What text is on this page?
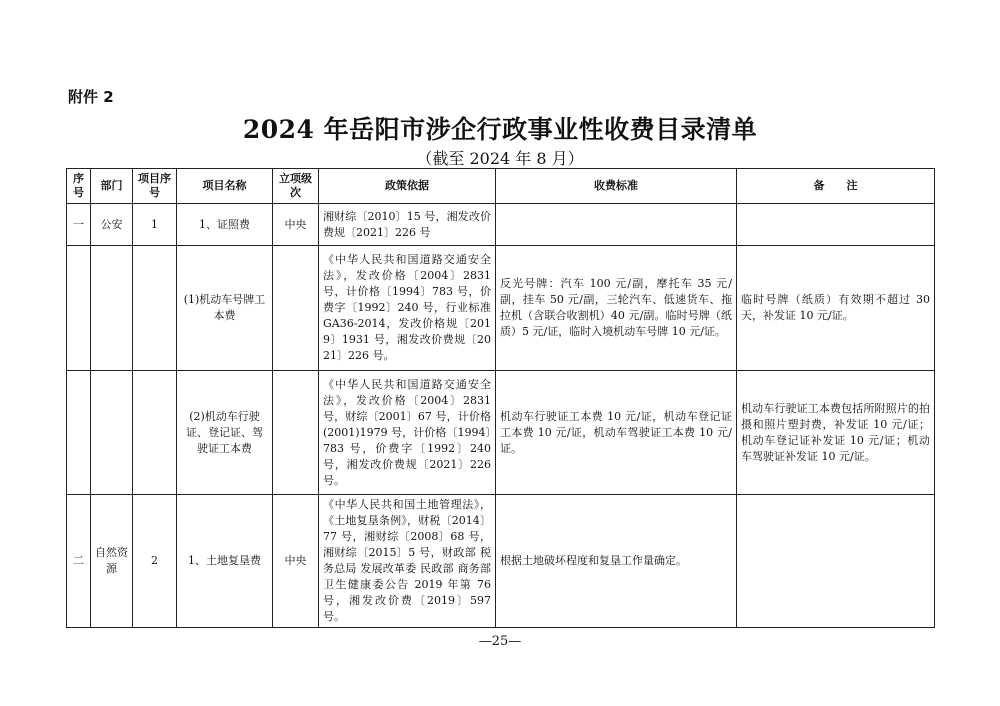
附件 2
2024 年岳阳市涉企行政事业性收费目录清单
（截至 2024 年 8 月）
序号	部门	项目序号	项目名称	立项级次	政策依据	收费标准	备　　注
一	公安	1	1、证照费	中央	湘财综〔2010〕15 号，湘发改价费规〔2021〕226 号		
			(1)机动车号牌工本费		《中华人民共和国道路交通安全法》，发改价格〔2004〕2831 号，计价格〔1994〕783 号，价费字〔1992〕240 号，行业标准 GA36-2014，发改价格规〔2019〕1931 号，湘发改价费规〔2021〕226 号。	反光号牌：汽车 100 元/副，摩托车 35 元/副，挂车 50 元/副，三轮汽车、低速货车、拖拉机（含联合收割机）40 元/副。临时号牌（纸质）5 元/证，临时入境机动车号牌 10 元/证。	临时号牌（纸质）有效期不超过 30 天，补发证 10 元/证。
			(2)机动车行驶证、登记证、驾驶证工本费		《中华人民共和国道路交通安全法》，发改价格〔2004〕2831 号，财综〔2001〕67 号，计价格(2001)1979 号，计价格〔1994〕783 号，价费字〔1992〕240 号，湘发改价费规〔2021〕226 号。	机动车行驶证工本费 10 元/证，机动车登记证工本费 10 元/证，机动车驾驶证工本费 10 元/证。	机动车行驶证工本费包括所附照片的拍摄和照片塑封费，补发证 10 元/证；机动车登记证补发证 10 元/证；机动车驾驶证补发证 10 元/证。
二	自然资源	2	1、土地复垦费	中央	《中华人民共和国土地管理法》，《土地复垦条例》，财税〔2014〕77 号，湘财综〔2008〕68 号，湘财综〔2015〕5 号，财政部 税务总局 发展改革委 民政部 商务部 卫生健康委公告 2019 年第 76 号，湘发改价费〔2019〕597 号。	根据土地破坏程度和复垦工作量确定。	
—25—
